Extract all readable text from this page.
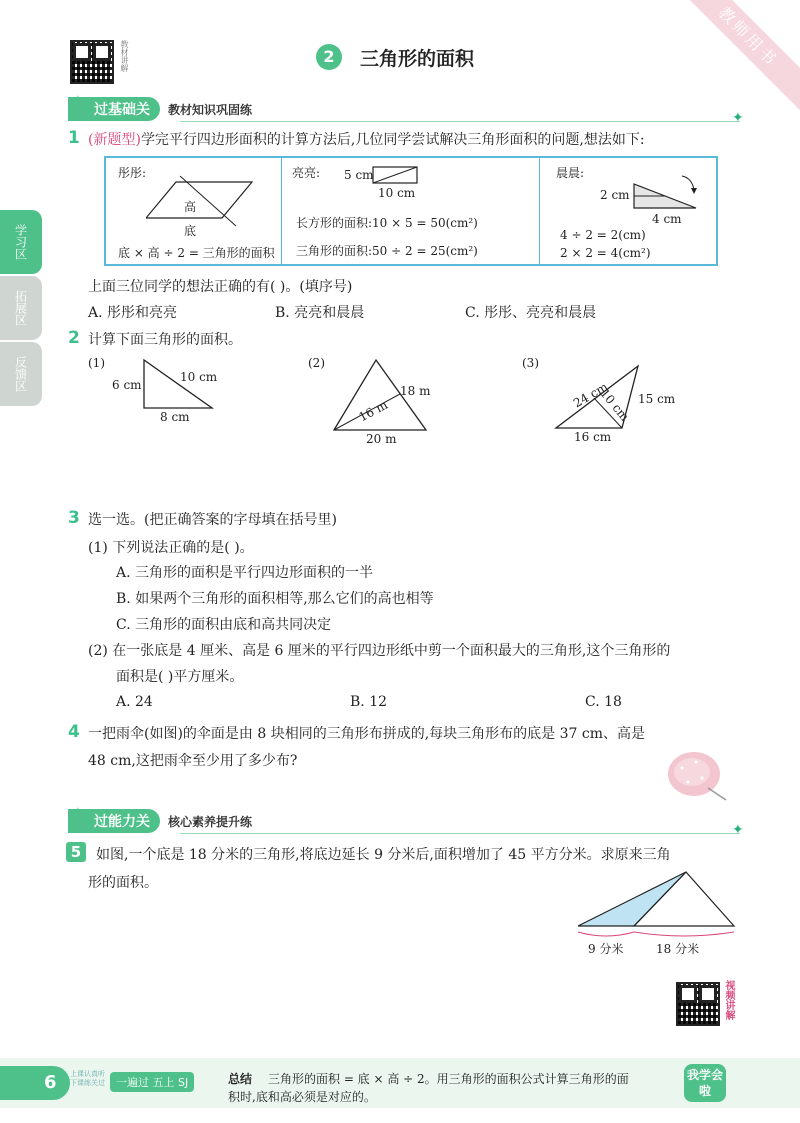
教师用书
教材讲解	2	三角形的面积
学习区
拓展区
反馈区
过基础关	教材知识巩固练
✦
1 (新题型)学完平行四边形面积的计算方法后,几位同学尝试解决三角形面积的问题,想法如下:
彤彤:
高
底
底 × 高 ÷ 2 = 三角形的面积
亮亮: 5 cm
10 cm
长方形的面积:10 × 5 = 50(cm²)
三角形的面积:50 ÷ 2 = 25(cm²)
晨晨:
2 cm
4 cm
4 ÷ 2 = 2(cm)
2 × 2 = 4(cm²)
上面三位同学的想法正确的有( )。(填序号)
A. 彤彤和亮亮	B. 亮亮和晨晨	C. 彤彤、亮亮和晨晨
2 计算下面三角形的面积。
(1)
6 cm
10 cm
8 cm
(2)
18 m
16 m
20 m
(3)
24 cm
10 cm 15 cm
16 cm
3 选一选。(把正确答案的字母填在括号里)
(1) 下列说法正确的是( )。
A. 三角形的面积是平行四边形面积的一半
B. 如果两个三角形的面积相等,那么它们的高也相等
C. 三角形的面积由底和高共同决定
(2) 在一张底是 4 厘米、高是 6 厘米的平行四边形纸中剪一个面积最大的三角形,这个三角形的
面积是( )平方厘米。
A. 24	B. 12	C. 18
4 一把雨伞(如图)的伞面是由 8 块相同的三角形布拼成的,每块三角形布的底是 37 cm、高是
48 cm,这把雨伞至少用了多少布?
过能力关	核心素养提升练
✦
5	如图,一个底是 18 分米的三角形,将底边延长 9 分米后,面积增加了 45 平方分米。求原来三角
形的面积。
9 分米	18 分米
视频讲解
6	上课认真听 下课练关过	一遍过 五上 SJ	总结 三角形的面积 = 底 × 高 ÷ 2。用三角形的面积公式计算三角形的面
积时,底和高必须是对应的。
我学会啦
